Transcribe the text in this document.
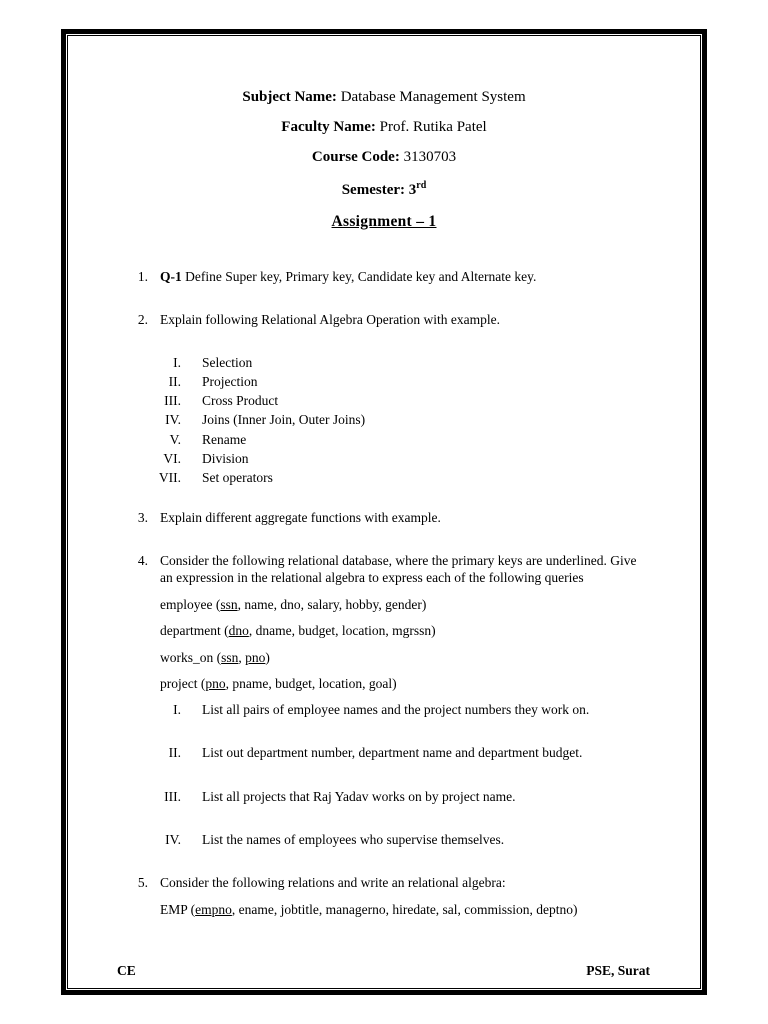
Subject Name: Database Management System
Faculty Name: Prof. Rutika Patel
Course Code: 3130703
Semester: 3rd
Assignment – 1
1. Q-1 Define Super key, Primary key, Candidate key and Alternate key.
2. Explain following Relational Algebra Operation with example.
I. Selection
II. Projection
III. Cross Product
IV. Joins (Inner Join, Outer Joins)
V. Rename
VI. Division
VII. Set operators
3. Explain different aggregate functions with example.
4. Consider the following relational database, where the primary keys are underlined. Give
an expression in the relational algebra to express each of the following queries
employee (ssn, name, dno, salary, hobby, gender)
department (dno, dname, budget, location, mgrssn)
works_on (ssn, pno)
project (pno, pname, budget, location, goal)
I. List all pairs of employee names and the project numbers they work on.
II. List out department number, department name and department budget.
III. List all projects that Raj Yadav works on by project name.
IV. List the names of employees who supervise themselves.
5. Consider the following relations and write an relational algebra:
EMP (empno, ename, jobtitle, managerno, hiredate, sal, commission, deptno)
CE	PSE, Surat
